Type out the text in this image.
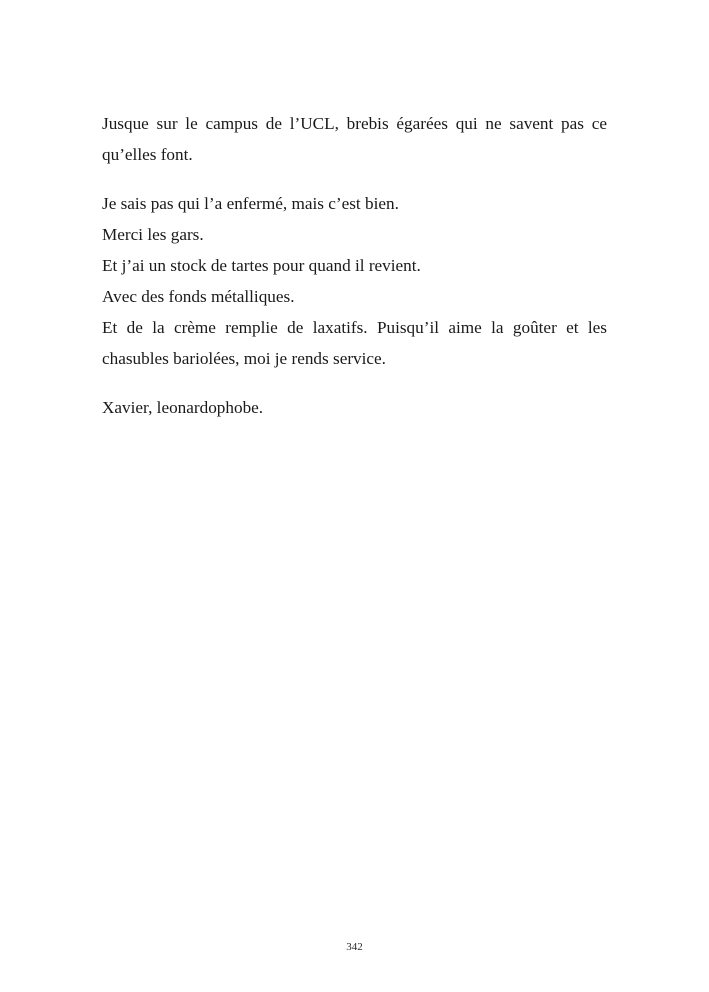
Jusque sur le campus de l’UCL, brebis égarées qui ne savent pas ce qu’elles font.

Je sais pas qui l’a enfermé, mais c’est bien.
Merci les gars.
Et j’ai un stock de tartes pour quand il revient.
Avec des fonds métalliques.
Et de la crème remplie de laxatifs. Puisqu’il aime la goûter et les chasubles bariolées, moi je rends service.

Xavier, leonardophobe.

342
